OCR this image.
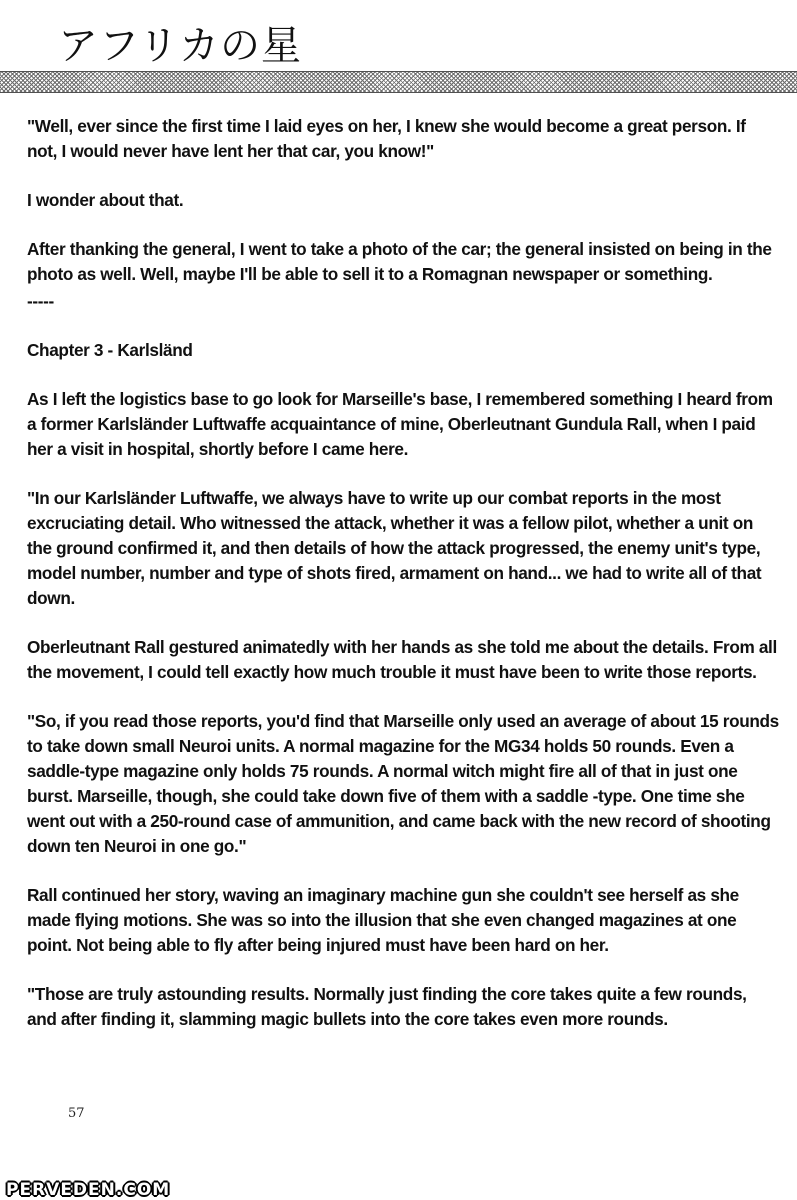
アフリカの星

"Well, ever since the first time I laid eyes on her, I knew she would become a great person. If not, I would never have lent her that car, you know!"

I wonder about that.

After thanking the general, I went to take a photo of the car; the general insisted on being in the photo as well. Well, maybe I'll be able to sell it to a Romagnan newspaper or something.

-----

Chapter 3 - Karlsländ

As I left the logistics base to go look for Marseille's base, I remembered something I heard from a former Karlsländer Luftwaffe acquaintance of mine, Oberleutnant Gundula Rall, when I paid her a visit in hospital, shortly before I came here.

"In our Karlsländer Luftwaffe, we always have to write up our combat reports in the most excruciating detail. Who witnessed the attack, whether it was a fellow pilot, whether a unit on the ground confirmed it, and then details of how the attack progressed, the enemy unit's type, model number, number and type of shots fired, armament on hand... we had to write all of that down.

Oberleutnant Rall gestured animatedly with her hands as she told me about the details. From all the movement, I could tell exactly how much trouble it must have been to write those reports.

"So, if you read those reports, you'd find that Marseille only used an average of about 15 rounds to take down small Neuroi units. A normal magazine for the MG34 holds 50 rounds. Even a saddle-type magazine only holds 75 rounds. A normal witch might fire all of that in just one burst. Marseille, though, she could take down five of them with a saddle -type. One time she went out with a 250-round case of ammunition, and came back with the new record of shooting down ten Neuroi in one go."

Rall continued her story, waving an imaginary machine gun she couldn't see herself as she made flying motions. She was so into the illusion that she even changed magazines at one point. Not being able to fly after being injured must have been hard on her.

"Those are truly astounding results. Normally just finding the core takes quite a few rounds, and after finding it, slamming magic bullets into the core takes even more rounds.

57
PERVEDEN.COM
